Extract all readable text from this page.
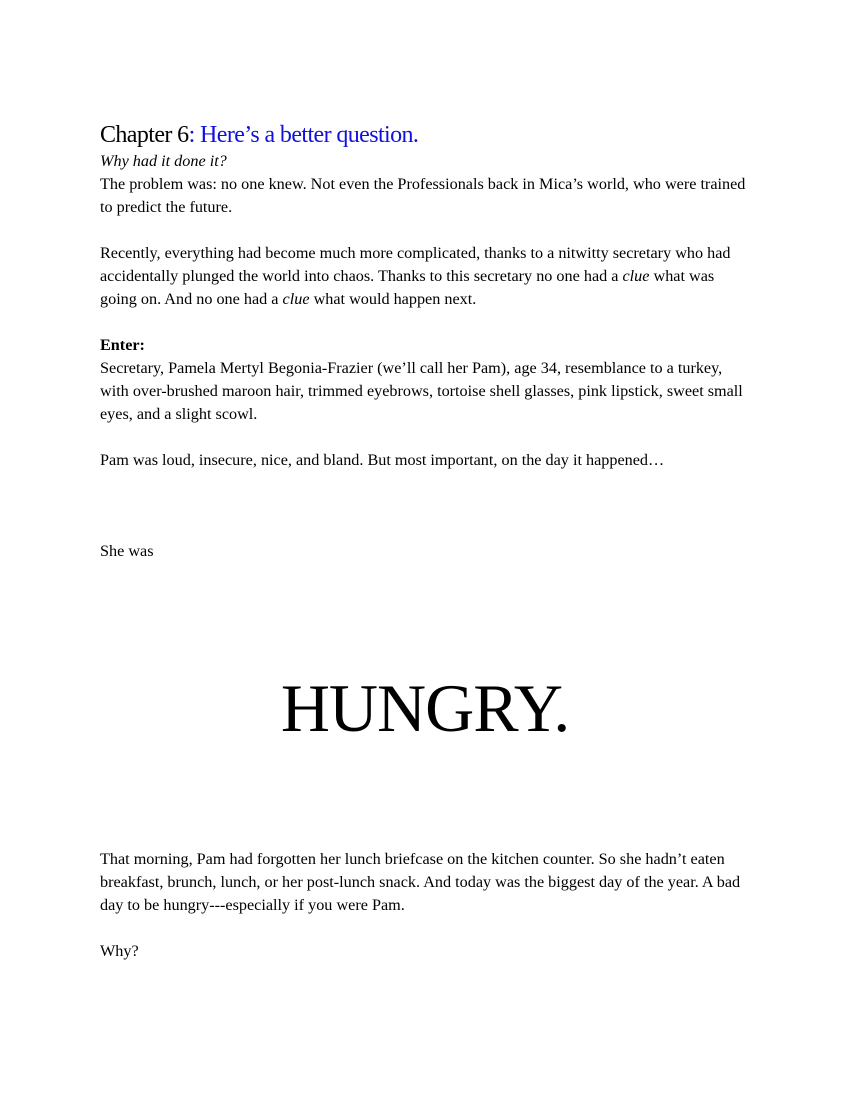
Chapter 6: Here’s a better question.

Why had it done it?

The problem was: no one knew. Not even the Professionals back in Mica’s world, who were trained to predict the future.

Recently, everything had become much more complicated, thanks to a nitwitty secretary who had accidentally plunged the world into chaos. Thanks to this secretary no one had a clue what was going on. And no one had a clue what would happen next.

Enter:

Secretary, Pamela Mertyl Begonia-Frazier (we’ll call her Pam), age 34, resemblance to a turkey, with over-brushed maroon hair, trimmed eyebrows, tortoise shell glasses, pink lipstick, sweet small eyes, and a slight scowl.

Pam was loud, insecure, nice, and bland. But most important, on the day it happened…

She was

HUNGRY.

That morning, Pam had forgotten her lunch briefcase on the kitchen counter. So she hadn’t eaten breakfast, brunch, lunch, or her post-lunch snack. And today was the biggest day of the year. A bad day to be hungry---especially if you were Pam.

Why?
